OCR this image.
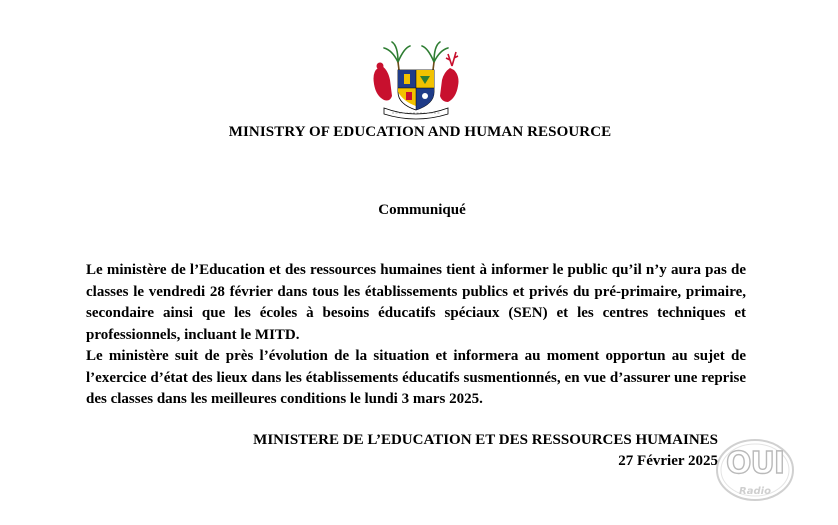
MINISTRY OF EDUCATION AND HUMAN RESOURCE
Communiqué

Le ministère de l’Education et des ressources humaines tient à informer le public qu’il n’y aura pas de classes le vendredi 28 février dans tous les établissements publics et privés du pré-primaire, primaire, secondaire ainsi que les écoles à besoins éducatifs spéciaux (SEN) et les centres techniques et professionnels, incluant le MITD.

Le ministère suit de près l’évolution de la situation et informera au moment opportun au sujet de l’exercice d’état des lieux dans les établissements éducatifs susmentionnés, en vue d’assurer une reprise des classes dans les meilleures conditions le lundi 3 mars 2025.

MINISTERE DE L’EDUCATION ET DES RESSOURCES HUMAINES
27 Février 2025 OUI
Radio
